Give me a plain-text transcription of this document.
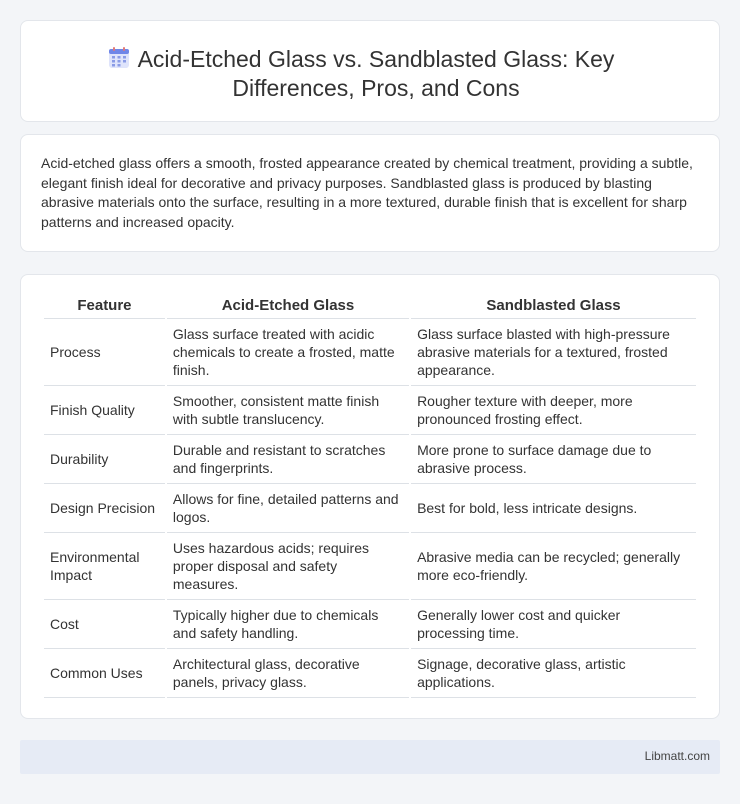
Acid-Etched Glass vs. Sandblasted Glass: Key Differences, Pros, and Cons

Acid-etched glass offers a smooth, frosted appearance created by chemical treatment, providing a subtle, elegant finish ideal for decorative and privacy purposes. Sandblasted glass is produced by blasting abrasive materials onto the surface, resulting in a more textured, durable finish that is excellent for sharp patterns and increased opacity.

Feature	Acid-Etched Glass	Sandblasted Glass
Process	Glass surface treated with acidic chemicals to create a frosted, matte finish.	Glass surface blasted with high-pressure abrasive materials for a textured, frosted appearance.
Finish Quality	Smoother, consistent matte finish with subtle translucency.	Rougher texture with deeper, more pronounced frosting effect.
Durability	Durable and resistant to scratches and fingerprints.	More prone to surface damage due to abrasive process.
Design Precision	Allows for fine, detailed patterns and logos.	Best for bold, less intricate designs.
Environmental Impact	Uses hazardous acids; requires proper disposal and safety measures.	Abrasive media can be recycled; generally more eco-friendly.
Cost	Typically higher due to chemicals and safety handling.	Generally lower cost and quicker processing time.
Common Uses	Architectural glass, decorative panels, privacy glass.	Signage, decorative glass, artistic applications.
Libmatt.com
